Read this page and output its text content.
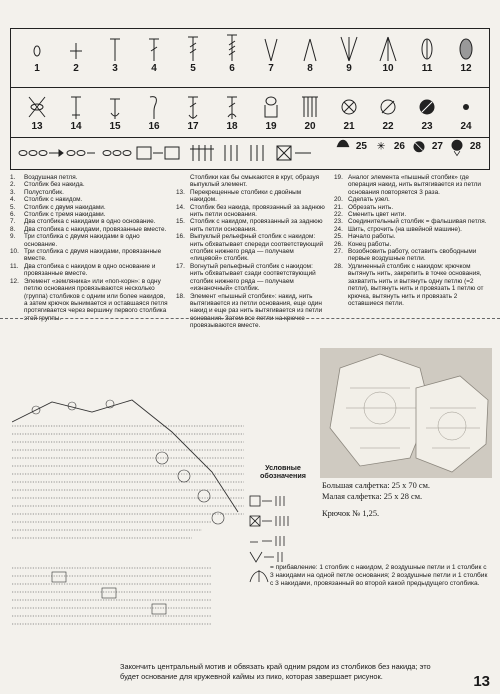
1	2	3	4	5	6	7	8	9	10	11	12
13	14	15	16	17	18	19	20	21	22	23	24
25 ✳ 26	27	28
1.	Воздушная петля.
2.	Столбик без накида.
3.	Полустолбик.
4.	Столбик с накидом.
5.	Столбик с двумя накидами.
6.	Столбик с тремя накидами.
7.	Два столбика с накидами в одно основание.
8.	Два столбика с накидами, провязанные вместе.
9.	Три столбика с двумя накидами в одно основание.
10. Три столбика с двумя накидами, провязанные вместе.
11. Два столбика с накидом в одно основание и провязанные вместе.
12. Элемент «земляника» или «поп-корн»: в одну петлю основания провязываются несколько (группа) столбиков с одним или более накидов, а затем крючок вынимается и оставшаяся петля протягивается через вершину первого столбика этой группы.
Столбики как бы смыкаются в круг, образуя выпуклый элемент.
13. Перекрещенные столбики с двойным накидом.
14. Столбик без накида, провязанный за заднюю нить петли основания.
15. Столбик с накидом, провязанный за заднюю нить петли основания.
16. Выпуклый рельефный столбик с накидом: нить обхватывает спереди соответствующий столбик нижнего ряда — получаем «лицевой» столбик.
17. Вогнутый рельефный столбик с накидом: нить обхватывает сзади соответствующий столбик нижнего ряда — получаем «изнаночный» столбик.
18. Элемент «пышный столбик»: накид, нить вытягивается из петли основания, еще один накид и еще раз нить вытягивается из петли основания. Затем все петли на крючке провязываются вместе.
19. Аналог элемента «пышный столбик» где операция накид, нить вытягивается из петли основания повторяется 3 раза.
20. Сделать узел.
21. Обрезать нить.
22. Сменить цвет нити.
23. Соединительный столбик = фальшивая петля.
24. Шить, строчить (на швейной машине).
25. Начало работы.
26. Конец работы.
27. Возобновить работу, оставить свободными первые воздушные петли.
28. Удлиненный столбик с накидом: крючком вытянуть нить, закрепить в точке основания, захватить нить и вытянуть одну петлю (=2 петли), вытянуть нить и провязать 1 петлю от крючка, вытянуть нить и провязать 2 оставшиеся петли.
Большая салфетка: 25 x 70 см.
Малая салфетка: 25 x 28 см.
Крючок № 1,25.
Условные обозначения
= прибавление: 1 столбик с накидом, 2 воздушные петли и 1 столбик с 3 накидами на одной петле основания; 2 воздушные петли и 1 столбик с 3 накидами, провязанный во второй какой предыдущего столбика.
Закончить центральный мотив и обвязать край одним рядом из столбиков без накида; это будет основание для кружевной каймы из пико, которая завершает рисунок.	13
